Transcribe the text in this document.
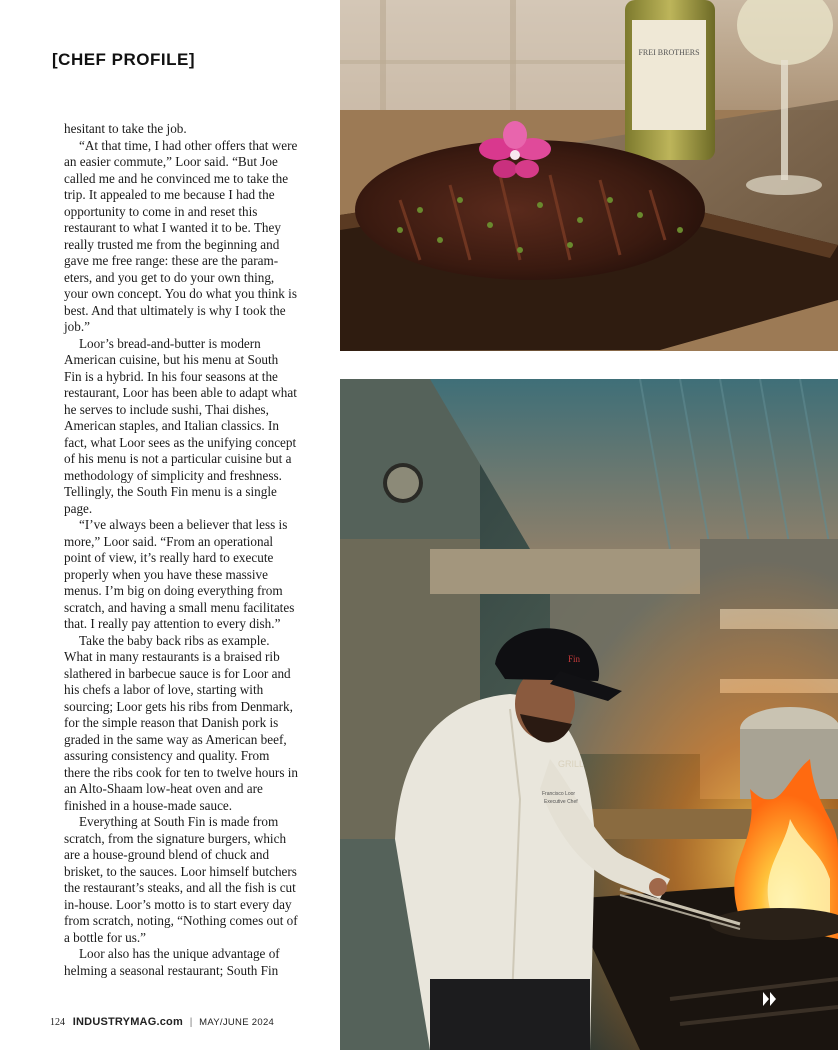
[CHEF PROFILE]

hesitant to take the job.

“At that time, I had other offers that were an easier commute,” Loor said. “But Joe called me and he convinced me to take the trip. It appealed to me because I had the opportunity to come in and reset this restaurant to what I wanted it to be. They really trusted me from the beginning and gave me free range: these are the parameters, and you get to do your own thing, your own concept. You do what you think is best. And that ultimately is why I took the job.”

Loor’s bread-and-butter is modern American cuisine, but his menu at South Fin is a hybrid. In his four seasons at the restaurant, Loor has been able to adapt what he serves to include sushi, Thai dishes, American staples, and Italian classics. In fact, what Loor sees as the unifying concept of his menu is not a particular cuisine but a methodology of simplicity and freshness. Tellingly, the South Fin menu is a single page.

“I’ve always been a believer that less is more,” Loor said. “From an operational point of view, it’s really hard to execute properly when you have these massive menus. I’m big on doing everything from scratch, and having a small menu facilitates that. I really pay attention to every dish.”

Take the baby back ribs as example. What in many restaurants is a braised rib slathered in barbecue sauce is for Loor and his chefs a labor of love, starting with sourcing; Loor gets his ribs from Denmark, for the simple reason that Danish pork is graded in the same way as American beef, assuring consistency and quality. From there the ribs cook for ten to twelve hours in an Alto-Shaam low-heat oven and are finished in a house-made sauce.

Everything at South Fin is made from scratch, from the signature burgers, which are a house-ground blend of chuck and brisket, to the sauces. Loor himself butchers the restaurant’s steaks, and all the fish is cut in-house. Loor’s motto is to start every day from scratch, noting, “Nothing comes out of a bottle for us.”

Loor also has the unique advantage of helming a seasonal restaurant; South Fin

FREI BROTHERS
Fin
Francisco Loor
Executive Chef
GRILL
124 INDUSTRYMAG.com | MAY/JUNE 2024
